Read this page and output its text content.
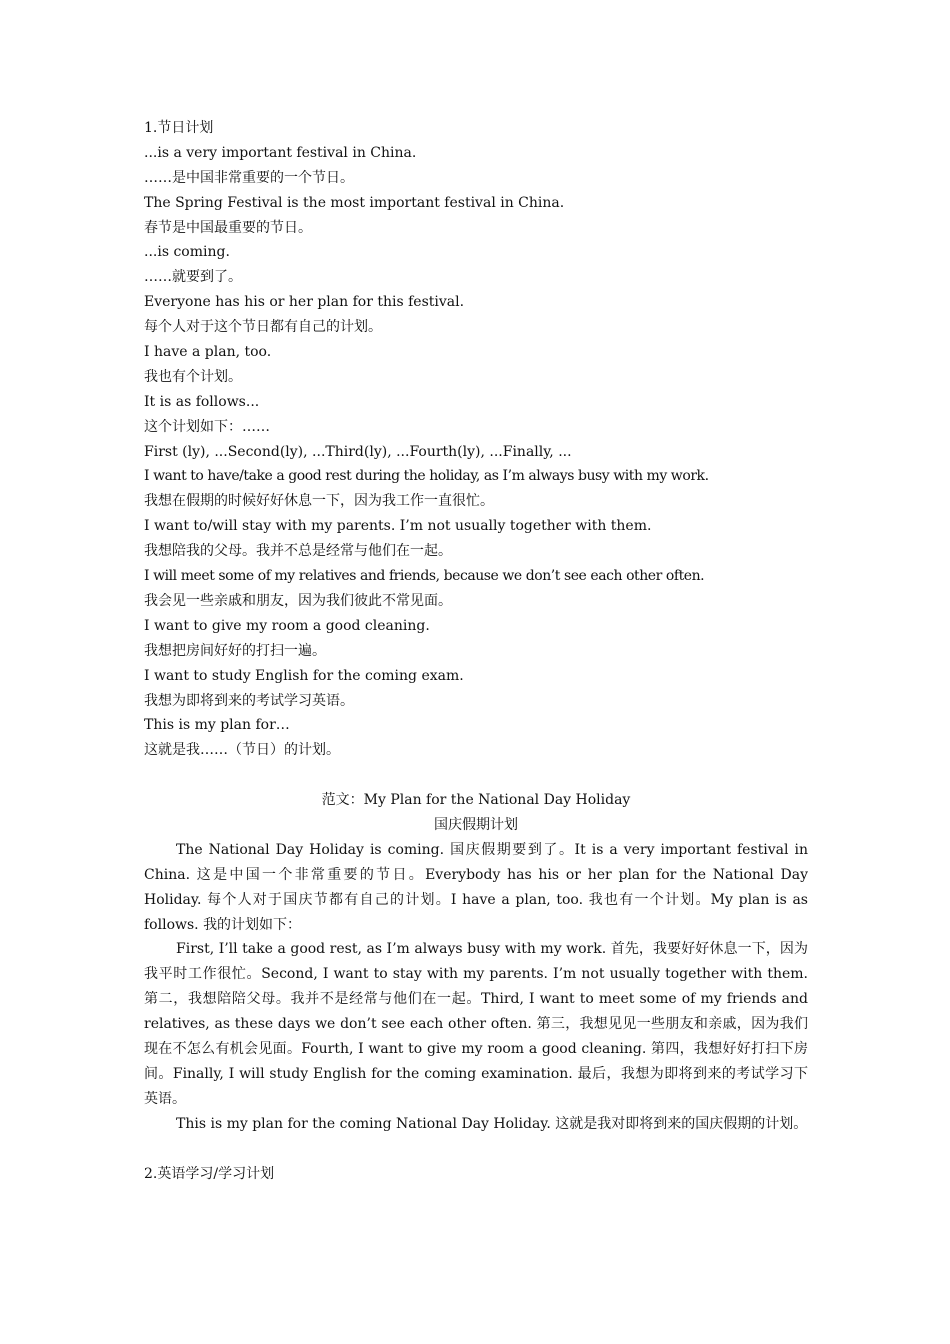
1.节日计划
...is a very important festival in China.
……是中国非常重要的一个节日。
The Spring Festival is the most important festival in China.
春节是中国最重要的节日。
...is coming.
……就要到了。
Everyone has his or her plan for this festival.
每个人对于这个节日都有自己的计划。
I have a plan, too.
我也有个计划。
It is as follows...
这个计划如下：……
First (ly), ...Second(ly), ...Third(ly), ...Fourth(ly), ...Finally, ...
I want to have/take a good rest during the holiday, as I’m always busy with my work.
我想在假期的时候好好休息一下，因为我工作一直很忙。
I want to/will stay with my parents. I’m not usually together with them.
我想陪我的父母。我并不总是经常与他们在一起。
I will meet some of my relatives and friends, because we don’t see each other often.
我会见一些亲戚和朋友，因为我们彼此不常见面。
I want to give my room a good cleaning.
我想把房间好好的打扫一遍。
I want to study English for the coming exam.
我想为即将到来的考试学习英语。
This is my plan for…
这就是我……（节日）的计划。
范文：My Plan for the National Day Holiday
国庆假期计划

The National Day Holiday is coming. 国庆假期要到了。It is a very important festival in China. 这是中国一个非常重要的节日。Everybody has his or her plan for the National Day Holiday. 每个人对于国庆节都有自己的计划。I have a plan, too. 我也有一个计划。My plan is as follows. 我的计划如下：

First, I’ll take a good rest, as I’m always busy with my work. 首先，我要好好休息一下，因为我平时工作很忙。Second, I want to stay with my parents. I’m not usually together with them. 第二，我想陪陪父母。我并不是经常与他们在一起。Third, I want to meet some of my friends and relatives, as these days we don’t see each other often. 第三，我想见见一些朋友和亲戚，因为我们现在不怎么有机会见面。Fourth, I want to give my room a good cleaning. 第四，我想好好打扫下房间。Finally, I will study English for the coming examination. 最后，我想为即将到来的考试学习下英语。

This is my plan for the coming National Day Holiday. 这就是我对即将到来的国庆假期的计划。

2.英语学习/学习计划
